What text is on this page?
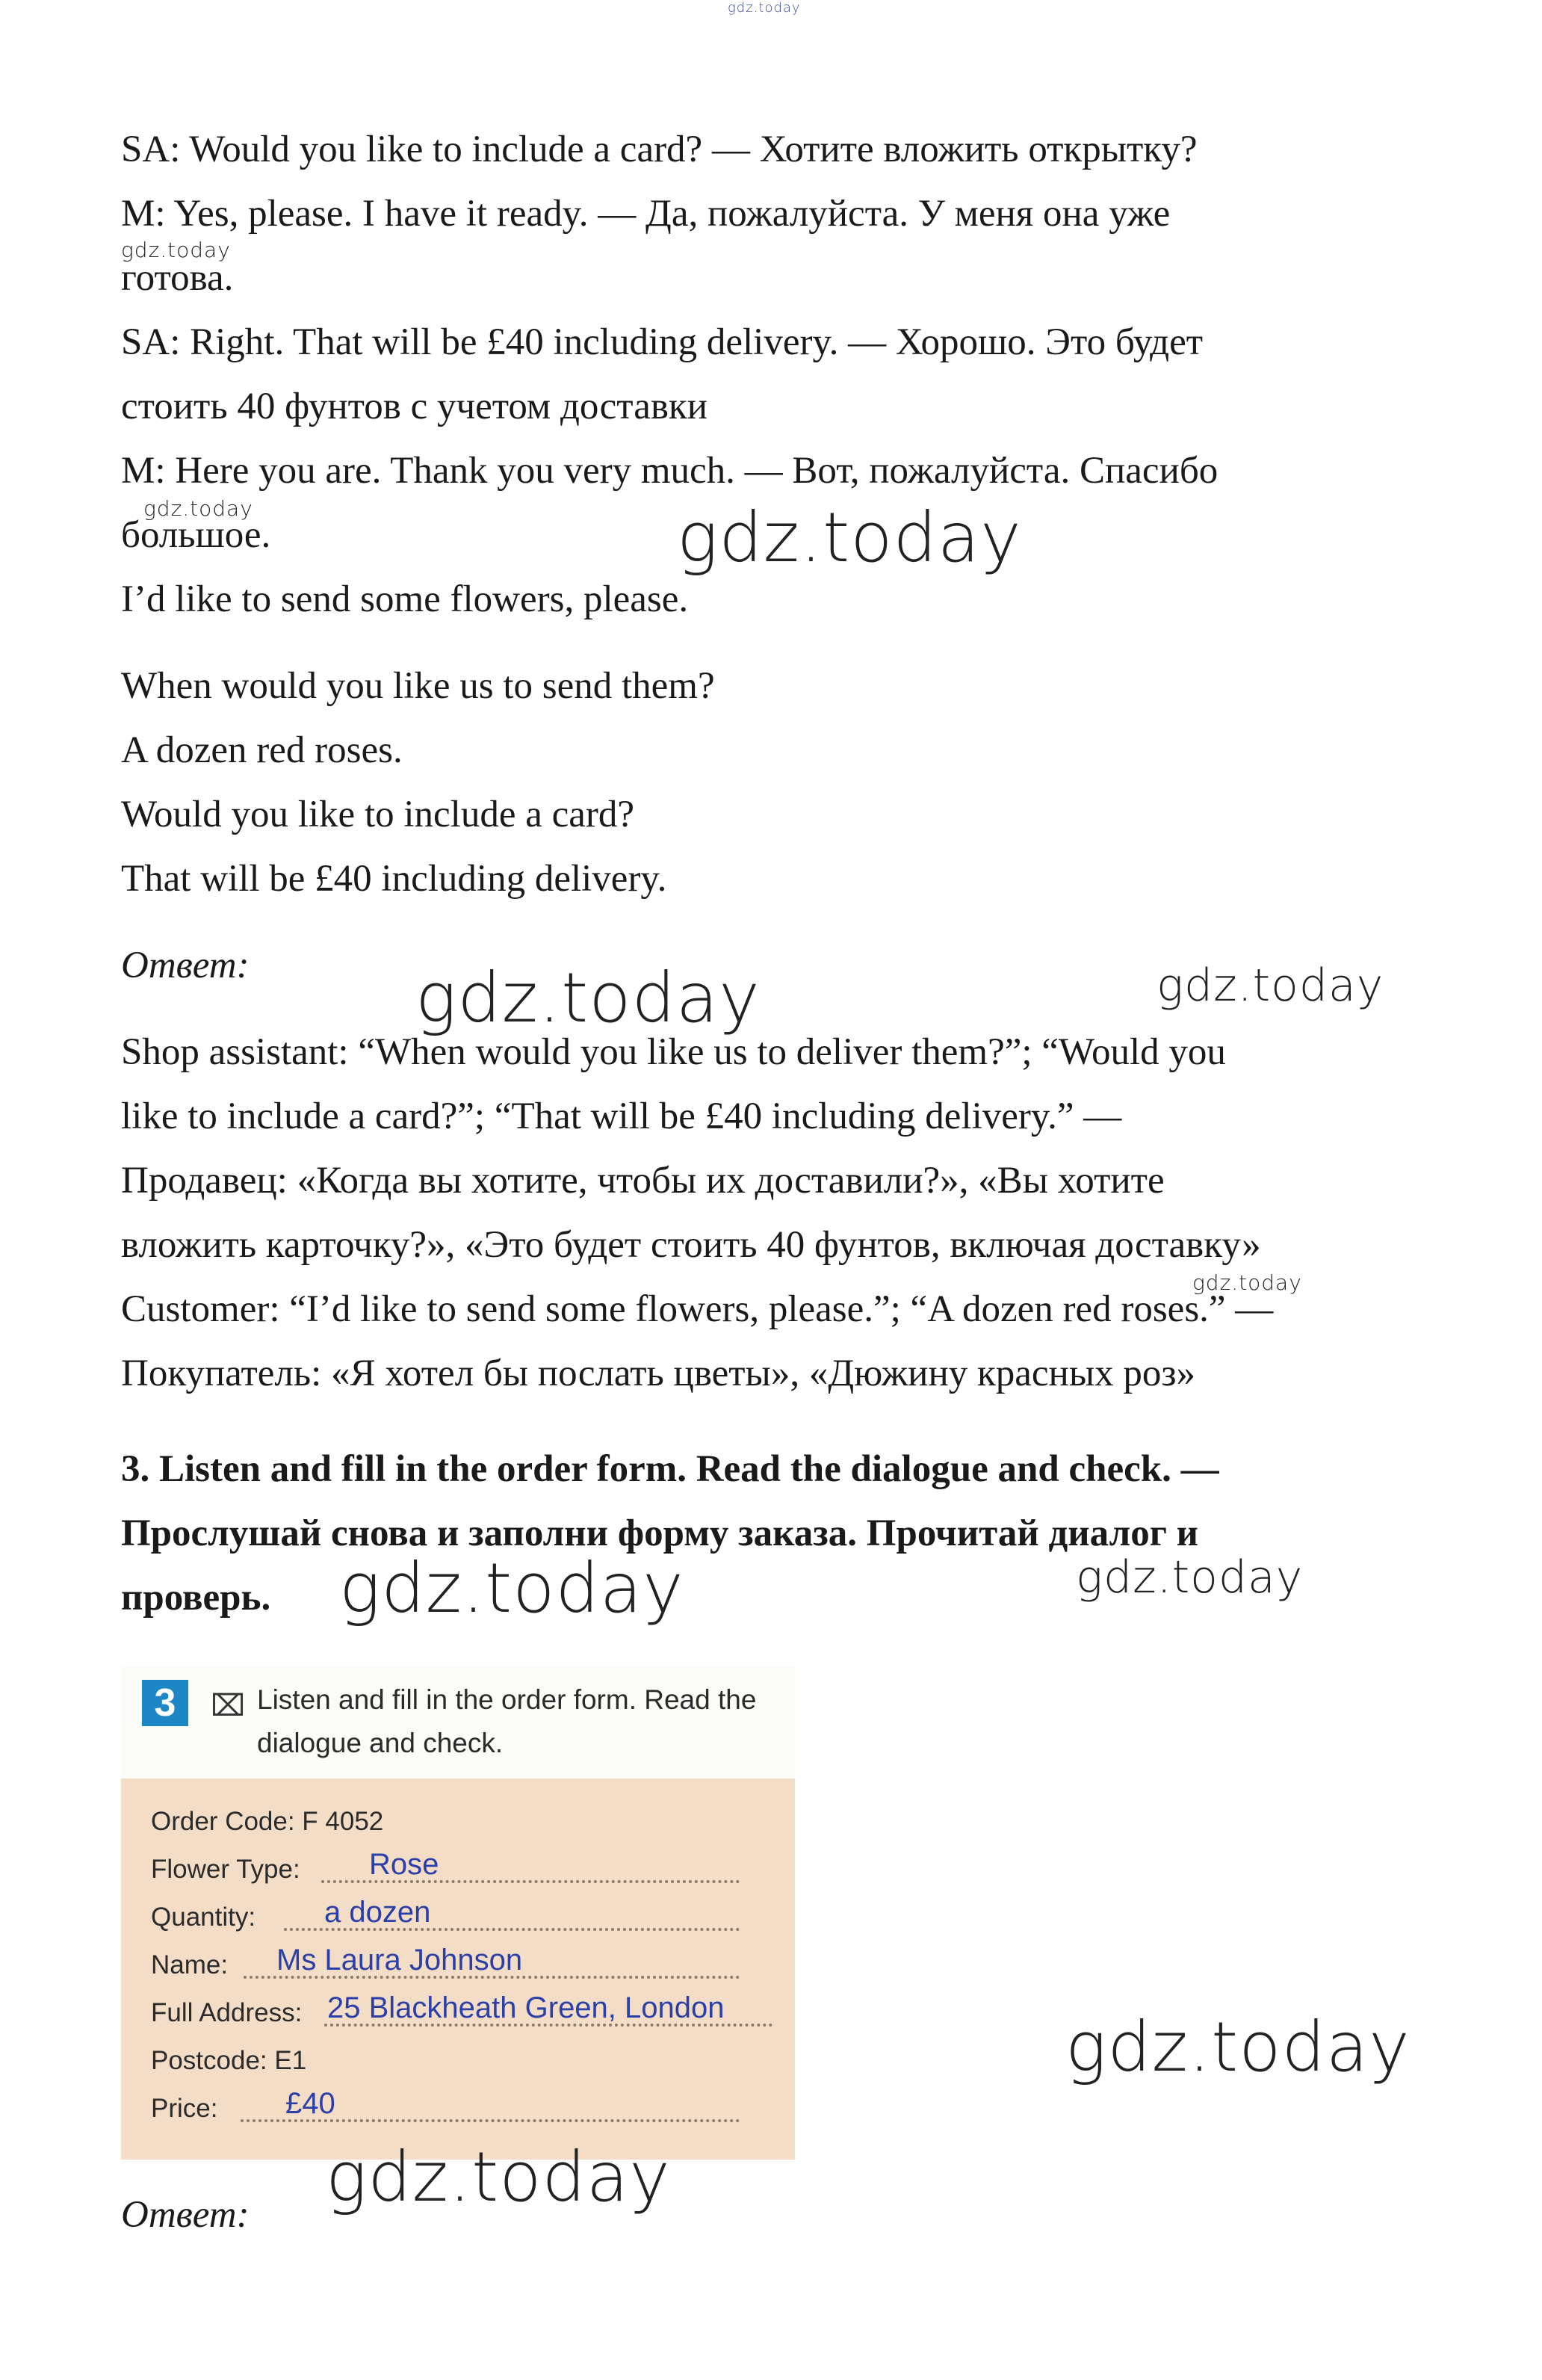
gdz.today
SA: Would you like to include a card? — Хотите вложить открытку?
M: Yes, please. I have it ready. — Да, пожалуйста. У меня она уже
готова.
SA: Right. That will be £40 including delivery. — Хорошо. Это будет
стоить 40 фунтов с учетом доставки
M: Here you are. Thank you very much. — Вот, пожалуйста. Спасибо
большое.
I’d like to send some flowers, please.
When would you like us to send them?
A dozen red roses.
Would you like to include a card?
That will be £40 including delivery.
Ответ:
Shop assistant: “When would you like us to deliver them?”; “Would you
like to include a card?”; “That will be £40 including delivery.” —
Продавец: «Когда вы хотите, чтобы их доставили?», «Вы хотите
вложить карточку?», «Это будет стоить 40 фунтов, включая доставку»
Customer: “I’d like to send some flowers, please.”; “A dozen red roses.” —
Покупатель: «Я хотел бы послать цветы», «Дюжину красных роз»
3. Listen and fill in the order form. Read the dialogue and check. —
Прослушай снова и заполни форму заказа. Прочитай диалог и
проверь.
3	⌧ Listen and fill in the order form. Read the dialogue and check.
Order Code: F 4052
Flower Type: Rose
Quantity: a dozen
Name: Ms Laura Johnson
Full Address: 25 Blackheath Green, London
Postcode: E1
Price: £40
Ответ:
gdz.today
gdz.today	gdz.today
gdz.today	gdz.today
gdz.today
gdz.today	gdz.today
gdz.today
gdz.today
